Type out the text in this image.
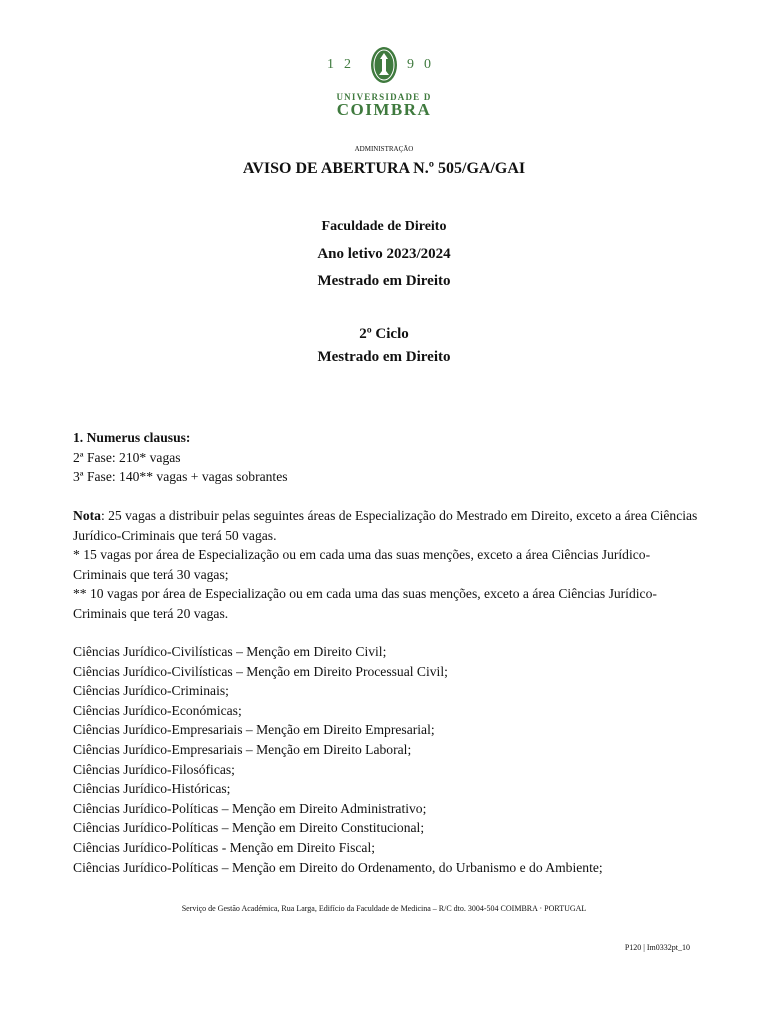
12	90
UNIVERSIDADE D
COIMBRA
ADMINISTRAÇÃO
AVISO DE ABERTURA N.º 505/GA/GAI
Faculdade de Direito
Ano letivo 2023/2024
Mestrado em Direito
2º Ciclo
Mestrado em Direito

1. Numerus clausus:

2ª Fase: 210* vagas

3ª Fase: 140** vagas + vagas sobrantes

Nota: 25 vagas a distribuir pelas seguintes áreas de Especialização do Mestrado em Direito, exceto a área Ciências Jurídico-Criminais que terá 50 vagas.

* 15 vagas por área de Especialização ou em cada uma das suas menções, exceto a área Ciências Jurídico-Criminais que terá 30 vagas;

** 10 vagas por área de Especialização ou em cada uma das suas menções, exceto a área Ciências Jurídico-Criminais que terá 20 vagas.

Ciências Jurídico-Civilísticas – Menção em Direito Civil;

Ciências Jurídico-Civilísticas – Menção em Direito Processual Civil;

Ciências Jurídico-Criminais;

Ciências Jurídico-Económicas;

Ciências Jurídico-Empresariais – Menção em Direito Empresarial;

Ciências Jurídico-Empresariais – Menção em Direito Laboral;

Ciências Jurídico-Filosóficas;

Ciências Jurídico-Históricas;

Ciências Jurídico-Políticas – Menção em Direito Administrativo;

Ciências Jurídico-Políticas – Menção em Direito Constitucional;

Ciências Jurídico-Políticas - Menção em Direito Fiscal;

Ciências Jurídico-Políticas – Menção em Direito do Ordenamento, do Urbanismo e do Ambiente;

Serviço de Gestão Académica, Rua Larga, Edifício da Faculdade de Medicina – R/C dto. 3004-504 COIMBRA · PORTUGAL
P120 | Im0332pt_10
